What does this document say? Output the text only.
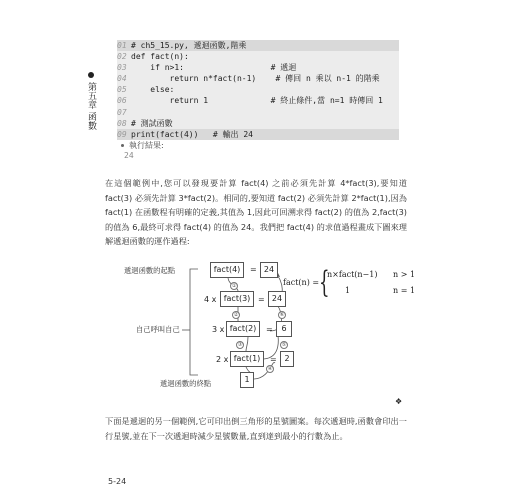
第五章 函數
01 # ch5_15.py, 遞迴函數,階乘
02 def fact(n):
03    if n>1:                  # 遞迴
04        return n*fact(n-1)    # 傳回 n 乘以 n-1 的階乘
05    else:
06        return 1             # 終止條件,當 n=1 時傳回 1
07
08 # 測試函數
09 print(fact(4))   # 輸出 24
執行結果:
24
在這個範例中,您可以發現要計算 fact(4) 之前必須先計算 4*fact(3),要知道 fact(3) 必須先計算 3*fact(2)。相同的,要知道 fact(2) 必須先計算 2*fact(1),因為 fact(1) 在函數程有明確的定義,其值為 1,因此可回溯求得 fact(2) 的值為 2,fact(3) 的值為 6,最終可求得 fact(4) 的值為 24。我們把 fact(4) 的求值過程畫成下圖來理解遞迴函數的運作過程:
遞迴函數的起點
自己呼叫自己
遞迴函數的終點
fact(4)	= 24
4 x fact(3) = 24
3 x fact(2)	=	6
2 x fact(1)	= 2
1
①
②
③
④
⑤
⑥
fact(n) = {
n×fact(n−1) n > 1
1	n = 1
❖
下面是遞迴的另一個範例,它可印出倒三角形的星號圖案。每次遞迴時,函數會印出一行星號,並在下一次遞迴時減少星號數量,直到達到最小的行數為止。
5-24
